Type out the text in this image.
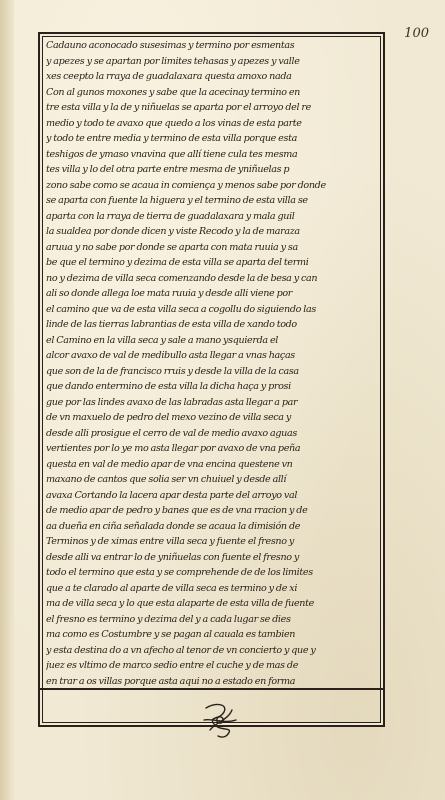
100
Cadauno aconocado susesimas y termino por esmentas
y apezes y se apartan por limites tehasas y apezes y valle
xes ceepto la rraya de guadalaxara questa amoxo nada
Con al gunos moxones y sabe que la acecinay termino en
tre esta villa y la de y niñuelas se aparta por el arroyo del re
medio y todo te avaxo que quedo a los vinas de esta parte
y todo te entre media y termino de esta villa porque esta
teshigos de ymaso vnavina que allí tiene cula tes mesma
tes villa y lo del otra parte entre mesma de yniñuelas p
zono sabe como se acaua in comiença y menos sabe por donde
se aparta con fuente la higuera y el termino de esta villa se
aparta con la rraya de tierra de guadalaxara y mala guil
la sualdea por donde dicen y viste Recodo y la de maraza
aruua y no sabe por donde se aparta con mata ruuia y sa
be que el termino y dezima de esta villa se aparta del termi
no y dezima de villa seca comenzando desde la de besa y can
ali so donde allega loe mata ruuia y desde alli viene por
el camino que va de esta villa seca a cogollu do siguiendo las
linde de las tierras labrantias de esta villa de xando todo
el Camino en la villa seca y sale a mano ysquierda el
alcor avaxo de val de medibullo asta llegar a vnas haças
que son de la de francisco rruis y desde la villa de la casa
que dando entermino de esta villa la dicha haça y prosi
gue por las lindes avaxo de las labradas asta llegar a par
de vn maxuelo de pedro del mexo vezino de villa seca y
desde alli prosigue el cerro de val de medio avaxo aguas
vertientes por lo ye mo asta llegar por avaxo de vna peña
questa en val de medio apar de vna encina questene vn
maxano de cantos que solia ser vn chuiuel y desde allí
avaxa Cortando la lacera apar desta parte del arroyo val
de medio apar de pedro y banes que es de vna rracion y de
aa dueña en ciña señalada donde se acaua la dimisión de
Terminos y de ximas entre villa seca y fuente el fresno y
desde alli va entrar lo de yniñuelas con fuente el fresno y
todo el termino que esta y se comprehende de de los limites
que a te clarado al aparte de villa seca es termino y de xi
ma de villa seca y lo que esta alaparte de esta villa de fuente
el fresno es termino y dezima del y a cada lugar se dies
ma como es Costumbre y se pagan al cauala es tambien
y esta destina do a vn afecho al tenor de vn concierto y que y
juez es vltimo de marco sedio entre el cuche y de mas de
en trar a os villas porque asta aqui no a estado en forma
